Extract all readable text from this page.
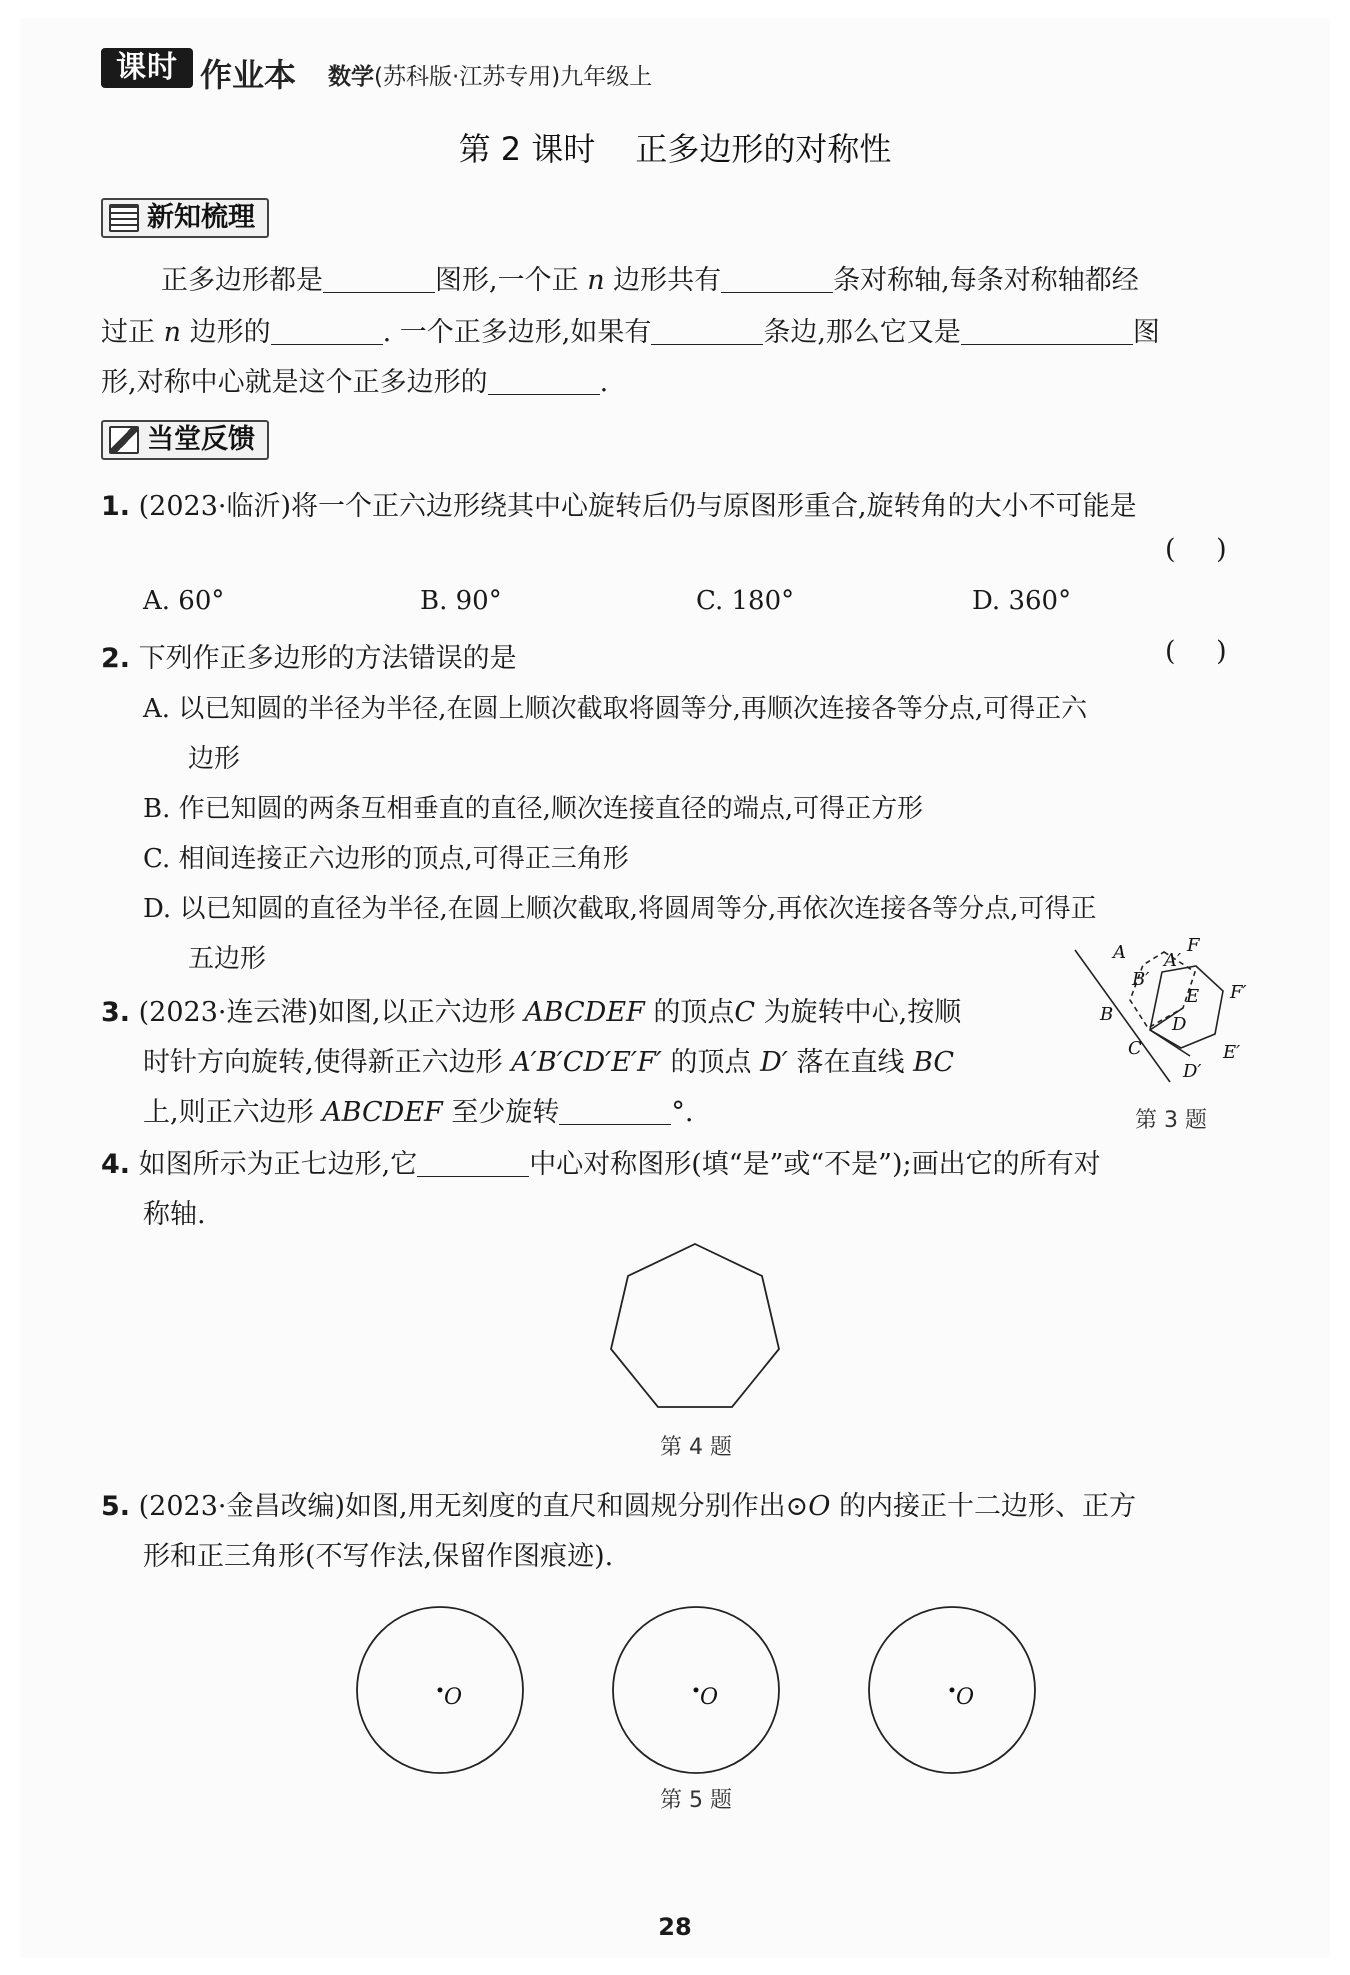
课时 作业本 数学(苏科版·江苏专用)九年级上
第 2 课时 正多边形的对称性
新知梳理
正多边形都是	图形,一个正 n 边形共有	条对称轴,每条对称轴都经
过正 n 边形的	. 一个正多边形,如果有	条边,那么它又是	图
形,对称中心就是这个正多边形的	.
当堂反馈
1. (2023·临沂)将一个正六边形绕其中心旋转后仍与原图形重合,旋转角的大小不可能是
( )
A. 60°	B. 90°	C. 180°	D. 360°
2. 下列作正多边形的方法错误的是	( )
A. 以已知圆的半径为半径,在圆上顺次截取将圆等分,再顺次连接各等分点,可得正六
边形
B. 作已知圆的两条互相垂直的直径,顺次连接直径的端点,可得正方形
C. 相间连接正六边形的顶点,可得正三角形
D. 以已知圆的直径为半径,在圆上顺次截取,将圆周等分,再依次连接各等分点,可得正
五边形
3. (2023·连云港)如图,以正六边形 ABCDEF 的顶点C 为旋转中心,按顺
时针方向旋转,使得新正六边形 A′B′CD′E′F′ 的顶点 D′ 落在直线 BC
上,则正六边形 ABCDEF 至少旋转	°.
A	F
B′
A′
F′
E
B	D
C	E′
D′
第 3 题
4. 如图所示为正七边形,它	中心对称图形(填“是”或“不是”);画出它的所有对
称轴.
第 4 题
5. (2023·金昌改编)如图,用无刻度的直尺和圆规分别作出⊙O 的内接正十二边形、正方
形和正三角形(不写作法,保留作图痕迹).
O	O	O
第 5 题
28
